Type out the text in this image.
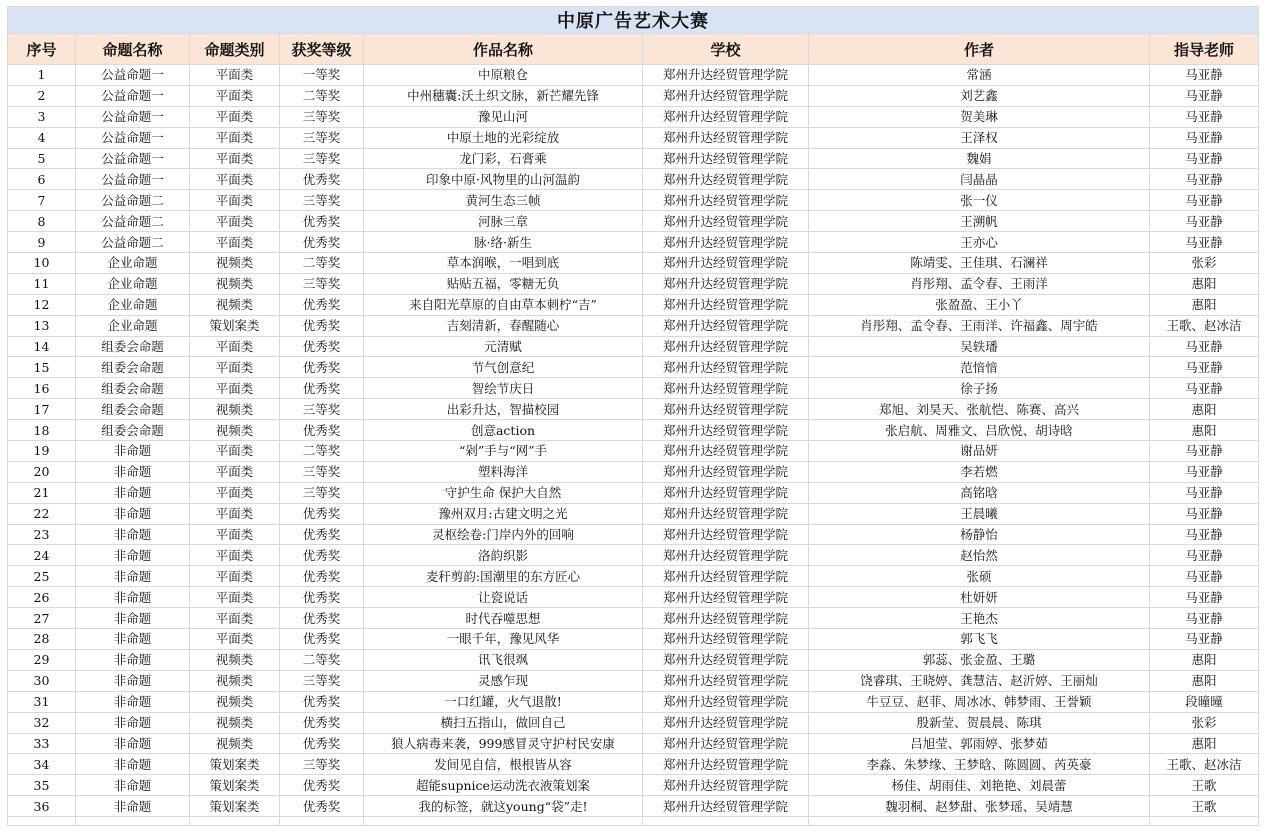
中原广告艺术大赛							
序号	命题名称	命题类别	获奖等级	作品名称	学校	作者	指导老师
1	公益命题一	平面类	一等奖	中原粮仓	郑州升达经贸管理学院	常涵	马亚静
2	公益命题一	平面类	二等奖	中州穗囊:沃土织文脉，新芒耀先锋	郑州升达经贸管理学院	刘艺鑫	马亚静
3	公益命题一	平面类	三等奖	豫见山河	郑州升达经贸管理学院	贺美琳	马亚静
4	公益命题一	平面类	三等奖	中原土地的光彩绽放	郑州升达经贸管理学院	王泽权	马亚静
5	公益命题一	平面类	三等奖	龙门彩，石膏乘	郑州升达经贸管理学院	魏娟	马亚静
6	公益命题一	平面类	优秀奖	印象中原·风物里的山河温韵	郑州升达经贸管理学院	闫晶晶	马亚静
7	公益命题二	平面类	三等奖	黄河生态三帧	郑州升达经贸管理学院	张一仪	马亚静
8	公益命题二	平面类	优秀奖	河脉三章	郑州升达经贸管理学院	王溯帆	马亚静
9	公益命题二	平面类	优秀奖	脉·络·新生	郑州升达经贸管理学院	王亦心	马亚静
10	企业命题	视频类	二等奖	草本润喉，一唱到底	郑州升达经贸管理学院	陈靖雯、王佳琪、石澜祥	张彩
11	企业命题	视频类	三等奖	贴贴五福，零糖无负	郑州升达经贸管理学院	肖彤翔、孟令春、王雨洋	惠阳
12	企业命题	视频类	优秀奖	来自阳光草原的自由草本刺柠“吉”	郑州升达经贸管理学院	张盈盈、王小丫	惠阳
13	企业命题	策划案类	优秀奖	吉刻清新，春醒随心	郑州升达经贸管理学院	肖彤翔、孟令春、王雨洋、许福鑫、周宇皓	王歌、赵冰洁
14	组委会命题	平面类	优秀奖	元清赋	郑州升达经贸管理学院	吴轶璠	马亚静
15	组委会命题	平面类	优秀奖	节气创意纪	郑州升达经贸管理学院	范愔愔	马亚静
16	组委会命题	平面类	优秀奖	智绘节庆日	郑州升达经贸管理学院	徐子扬	马亚静
17	组委会命题	视频类	三等奖	出彩升达，智描校园	郑州升达经贸管理学院	郑旭、刘昊天、张航恺、陈赛、高兴	惠阳
18	组委会命题	视频类	优秀奖	创意action	郑州升达经贸管理学院	张启航、周雅文、吕欣悦、胡诗晗	惠阳
19	非命题	平面类	二等奖	“剁”手与“网”手	郑州升达经贸管理学院	谢品妍	马亚静
20	非命题	平面类	三等奖	塑料海洋	郑州升达经贸管理学院	李若燃	马亚静
21	非命题	平面类	三等奖	守护生命 保护大自然	郑州升达经贸管理学院	高铭晗	马亚静
22	非命题	平面类	优秀奖	豫州双月:古建文明之光	郑州升达经贸管理学院	王晨曦	马亚静
23	非命题	平面类	优秀奖	灵枢绘卷:门岸内外的回响	郑州升达经贸管理学院	杨静怡	马亚静
24	非命题	平面类	优秀奖	洛韵织影	郑州升达经贸管理学院	赵怡然	马亚静
25	非命题	平面类	优秀奖	麦秆剪韵:国潮里的东方匠心	郑州升达经贸管理学院	张硕	马亚静
26	非命题	平面类	优秀奖	让瓷说话	郑州升达经贸管理学院	杜妍妍	马亚静
27	非命题	平面类	优秀奖	时代吞噬思想	郑州升达经贸管理学院	王艳杰	马亚静
28	非命题	平面类	优秀奖	一眼千年，豫见风华	郑州升达经贸管理学院	郭飞飞	马亚静
29	非命题	视频类	二等奖	讯飞很飒	郑州升达经贸管理学院	郭蕊、张金盈、王璐	惠阳
30	非命题	视频类	三等奖	灵感乍现	郑州升达经贸管理学院	饶睿琪、王晓婷、龚慧洁、赵沂婷、王丽灿	惠阳
31	非命题	视频类	优秀奖	一口红罐，火气退散!	郑州升达经贸管理学院	牛豆豆、赵菲、周冰冰、韩梦雨、王誉颖	段曈曈
32	非命题	视频类	优秀奖	横扫五指山，做回自己	郑州升达经贸管理学院	殷新莹、贺晨晨、陈琪	张彩
33	非命题	视频类	优秀奖	狼人病毒来袭，999感冒灵守护村民安康	郑州升达经贸管理学院	吕旭莹、郭雨婷、张梦茹	惠阳
34	非命题	策划案类	三等奖	发间见自信，根根皆从容	郑州升达经贸管理学院	李淼、朱梦缘、王梦晗、陈圆圆、芮英豪	王歌、赵冰洁
35	非命题	策划案类	优秀奖	超能supnice运动洗衣液策划案	郑州升达经贸管理学院	杨佳、胡雨佳、刘艳艳、刘晨蕾	王歌
36	非命题	策划案类	优秀奖	我的标签，就这young“袋”走!	郑州升达经贸管理学院	魏羽桐、赵梦甜、张梦瑶、吴靖慧	王歌
